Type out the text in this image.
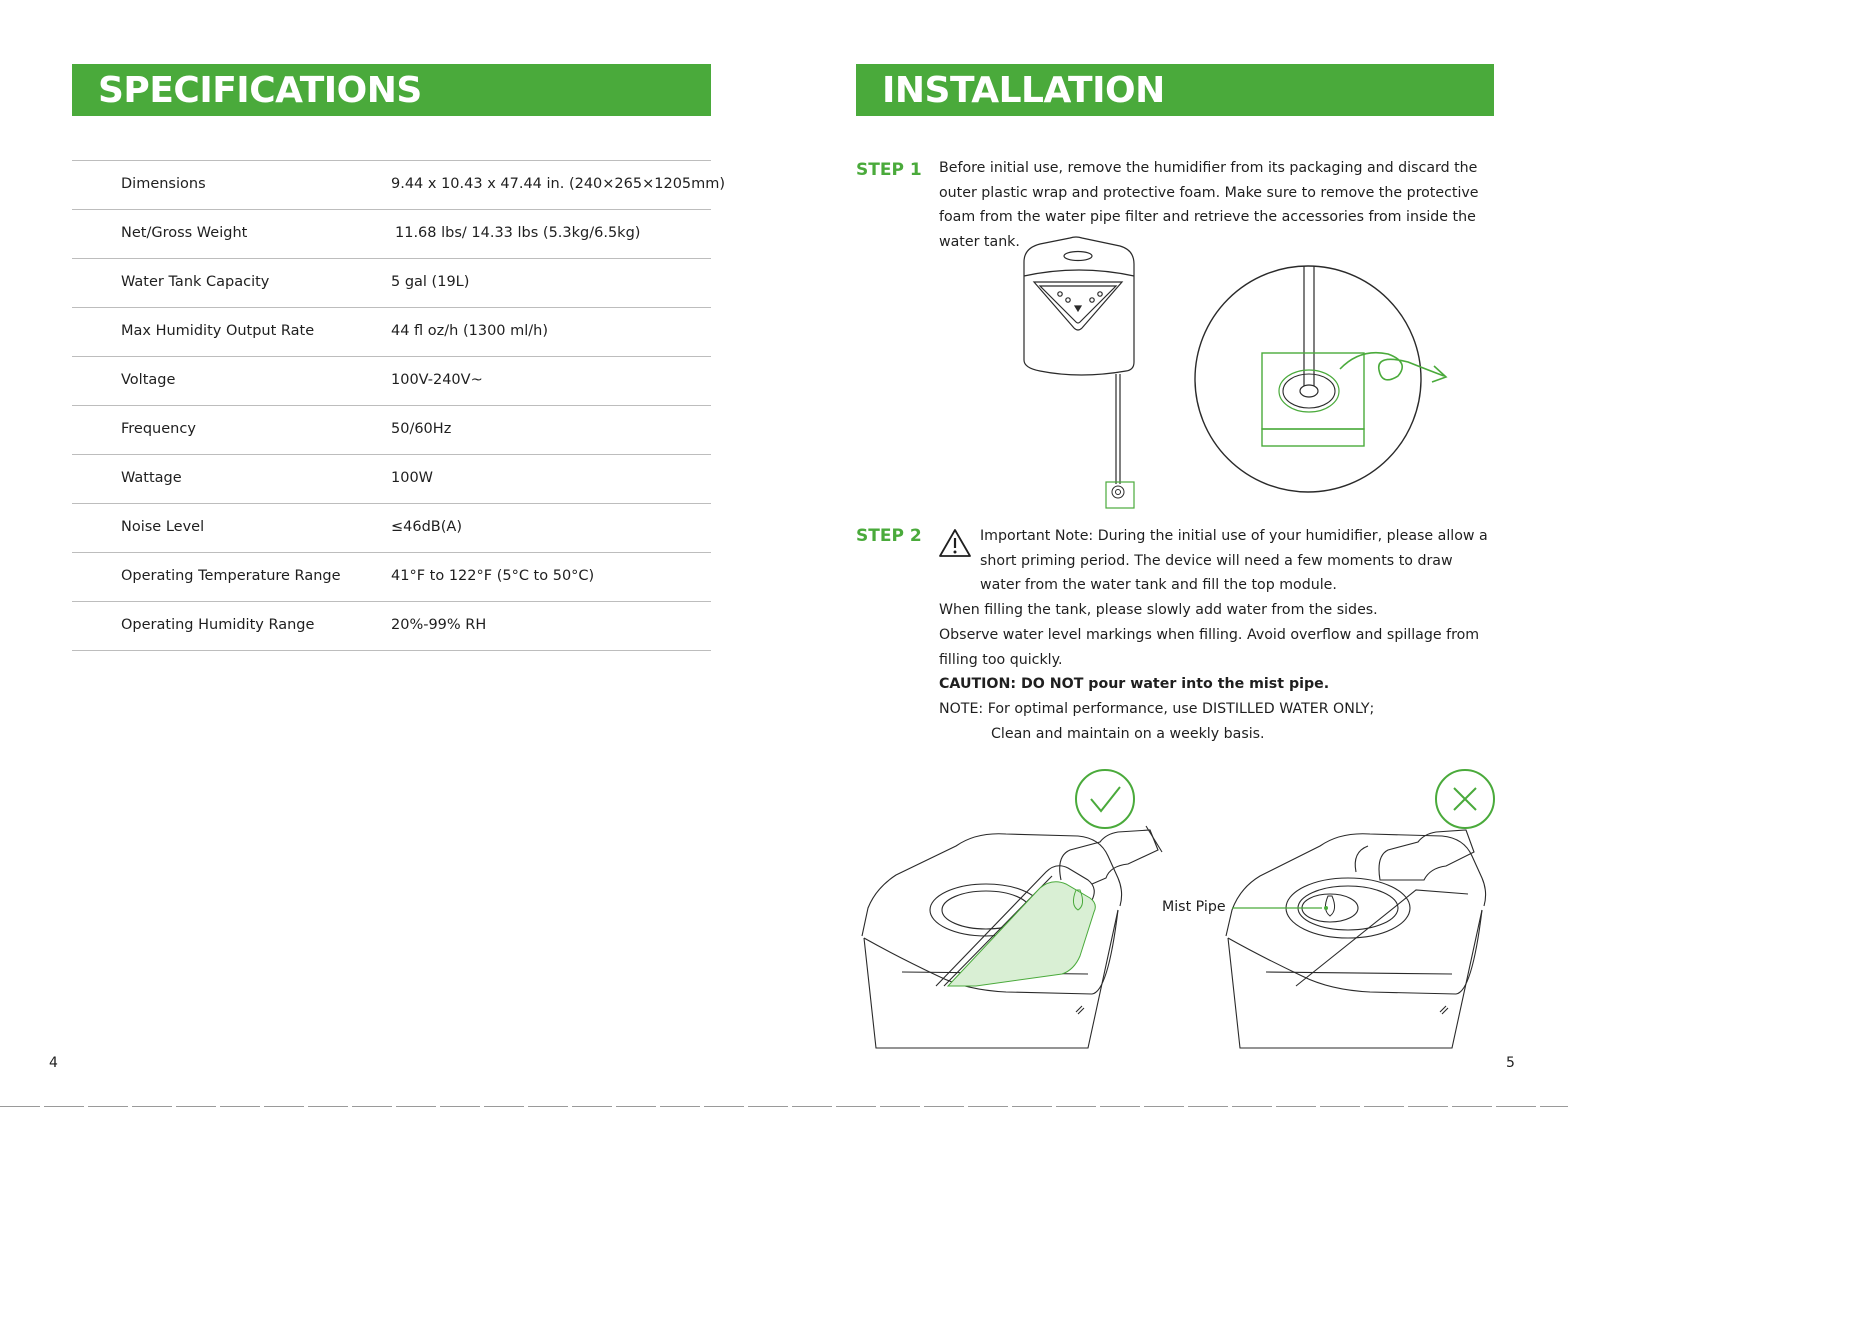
SPECIFICATIONS
Dimensions	9.44 x 10.43 x 47.44 in. (240×265×1205mm)
Net/Gross Weight	11.68 lbs/ 14.33 lbs (5.3kg/6.5kg)
Water Tank Capacity	5 gal (19L)
Max Humidity Output Rate	44 fl oz/h (1300 ml/h)
Voltage	100V-240V~
Frequency	50/60Hz
Wattage	100W
Noise Level	≤46dB(A)
Operating Temperature Range	41°F to 122°F (5°C to 50°C)
Operating Humidity Range	20%-99% RH
4
INSTALLATION
STEP 1 Before initial use, remove the humidifier from its packaging and discard the outer plastic wrap and protective foam. Make sure to remove the protective foam from the water pipe filter and retrieve the accessories from inside the water tank.
STEP 2	Important Note: During the initial use of your humidifier, please allow a short priming period. The device will need a few moments to draw water from the water tank and fill the top module.
When filling the tank, please slowly add water from the sides.
Observe water level markings when filling. Avoid overflow and spillage from
filling too quickly.
CAUTION: DO NOT pour water into the mist pipe.
NOTE: For optimal performance, use DISTILLED WATER ONLY;
Clean and maintain on a weekly basis.
Mist Pipe
5
